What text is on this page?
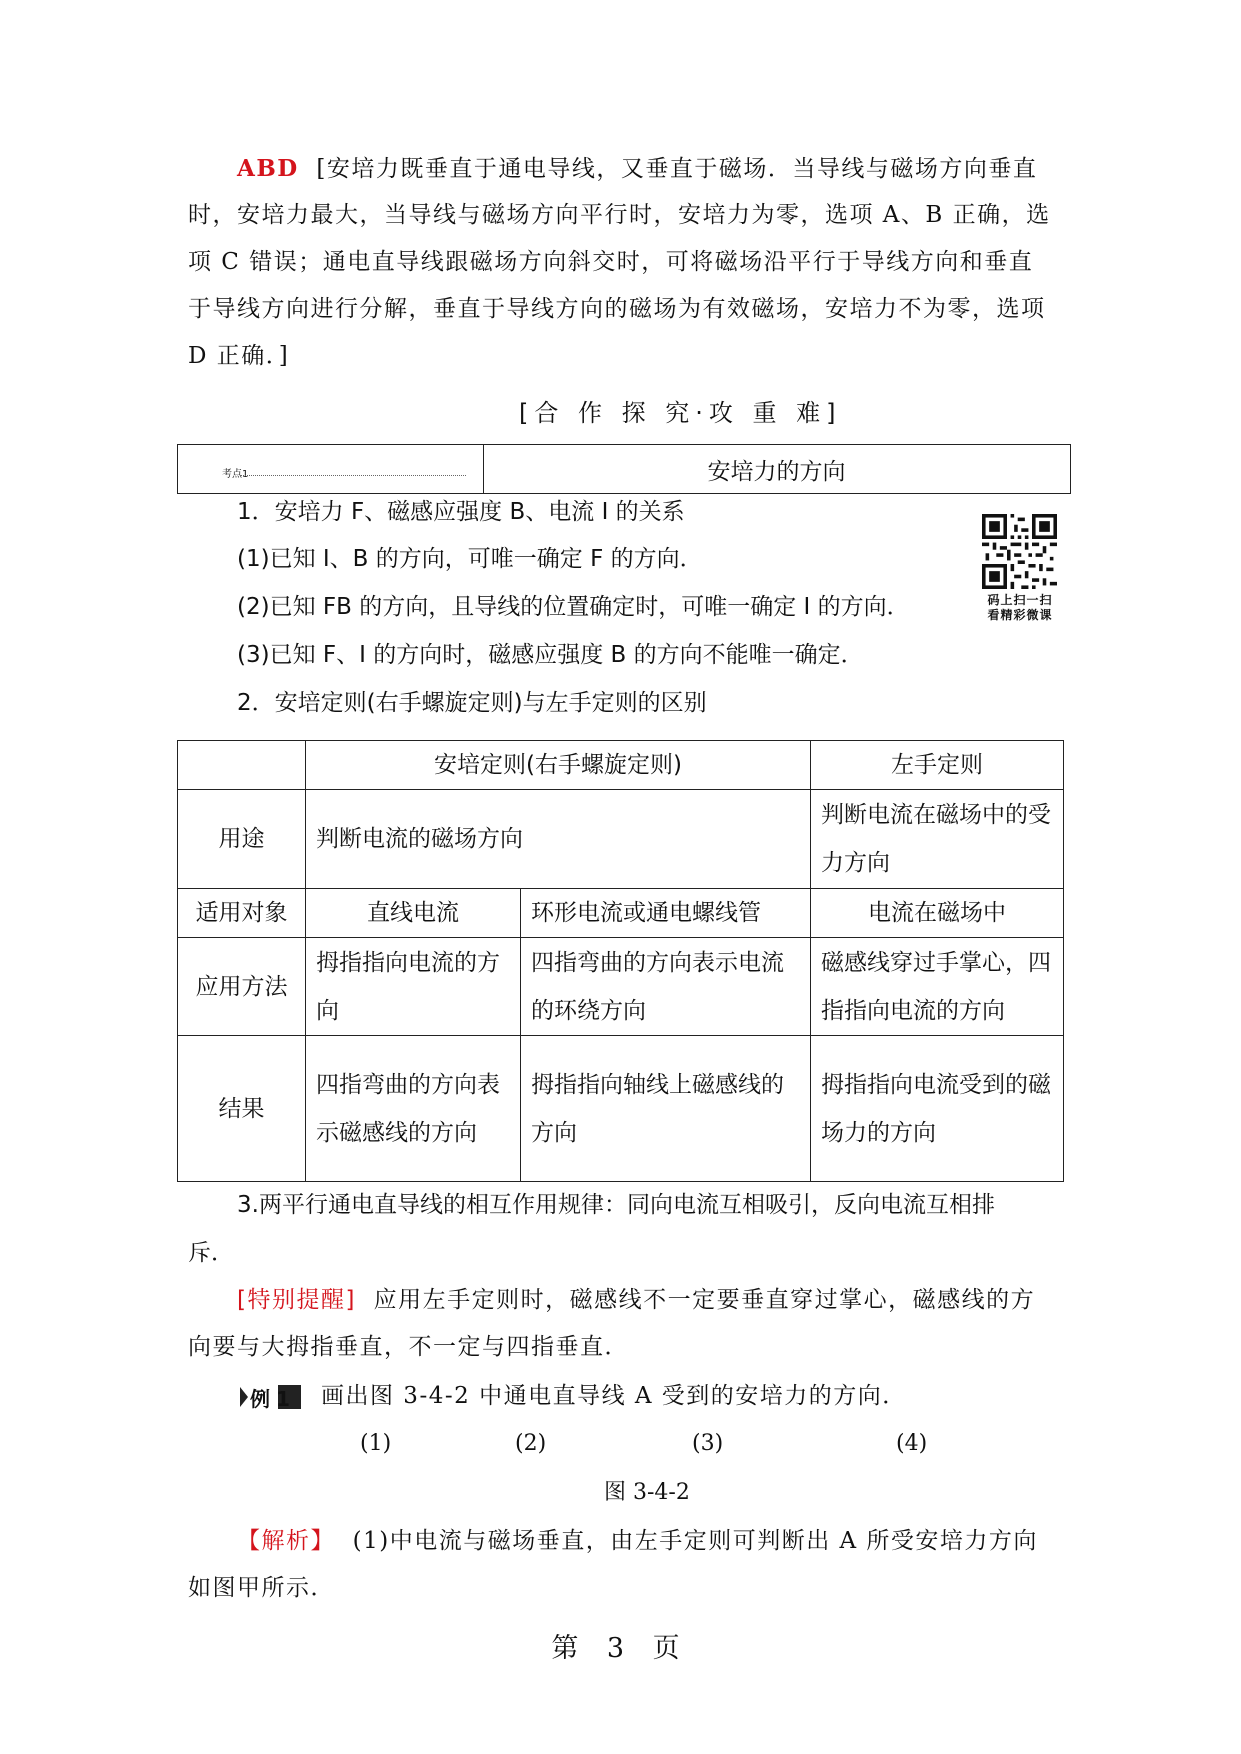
ABD [安培力既垂直于通电导线，又垂直于磁场．当导线与磁场方向垂直
时，安培力最大，当导线与磁场方向平行时，安培力为零，选项 A、B 正确，选
项 C 错误；通电直导线跟磁场方向斜交时，可将磁场沿平行于导线方向和垂直
于导线方向进行分解，垂直于导线方向的磁场为有效磁场，安培力不为零，选项
D 正确．]
[合 作 探 究·攻 重 难]
考点1	安培力的方向
1．安培力 F、磁感应强度 B、电流 I 的关系
(1)已知 I、B 的方向，可唯一确定 F 的方向．
(2)已知 FB 的方向，且导线的位置确定时，可唯一确定 I 的方向．
(3)已知 F、I 的方向时，磁感应强度 B 的方向不能唯一确定．
2．安培定则(右手螺旋定则)与左手定则的区别
码上扫一扫
看精彩微课
	安培定则(右手螺旋定则)		左手定则
用途	判断电流的磁场方向		判断电流在磁场中的受力方向
适用对象	直线电流	环形电流或通电螺线管	电流在磁场中
应用方法	拇指指向电流的方向	四指弯曲的方向表示电流的环绕方向	磁感线穿过手掌心，四指指向电流的方向
结果	四指弯曲的方向表示磁感线的方向	拇指指向轴线上磁感线的方向	拇指指向电流受到的磁场力的方向
3.两平行通电直导线的相互作用规律：同向电流互相吸引，反向电流互相排
斥．
[特别提醒] 应用左手定则时，磁感线不一定要垂直穿过掌心，磁感线的方
向要与大拇指垂直，不一定与四指垂直．
例1 画出图 3-4-2 中通电直导线 A 受到的安培力的方向．
(1)	(2)	(3)	(4)
图 3-4-2
【解析】 (1)中电流与磁场垂直，由左手定则可判断出 A 所受安培力方向
如图甲所示．
第 3 页
